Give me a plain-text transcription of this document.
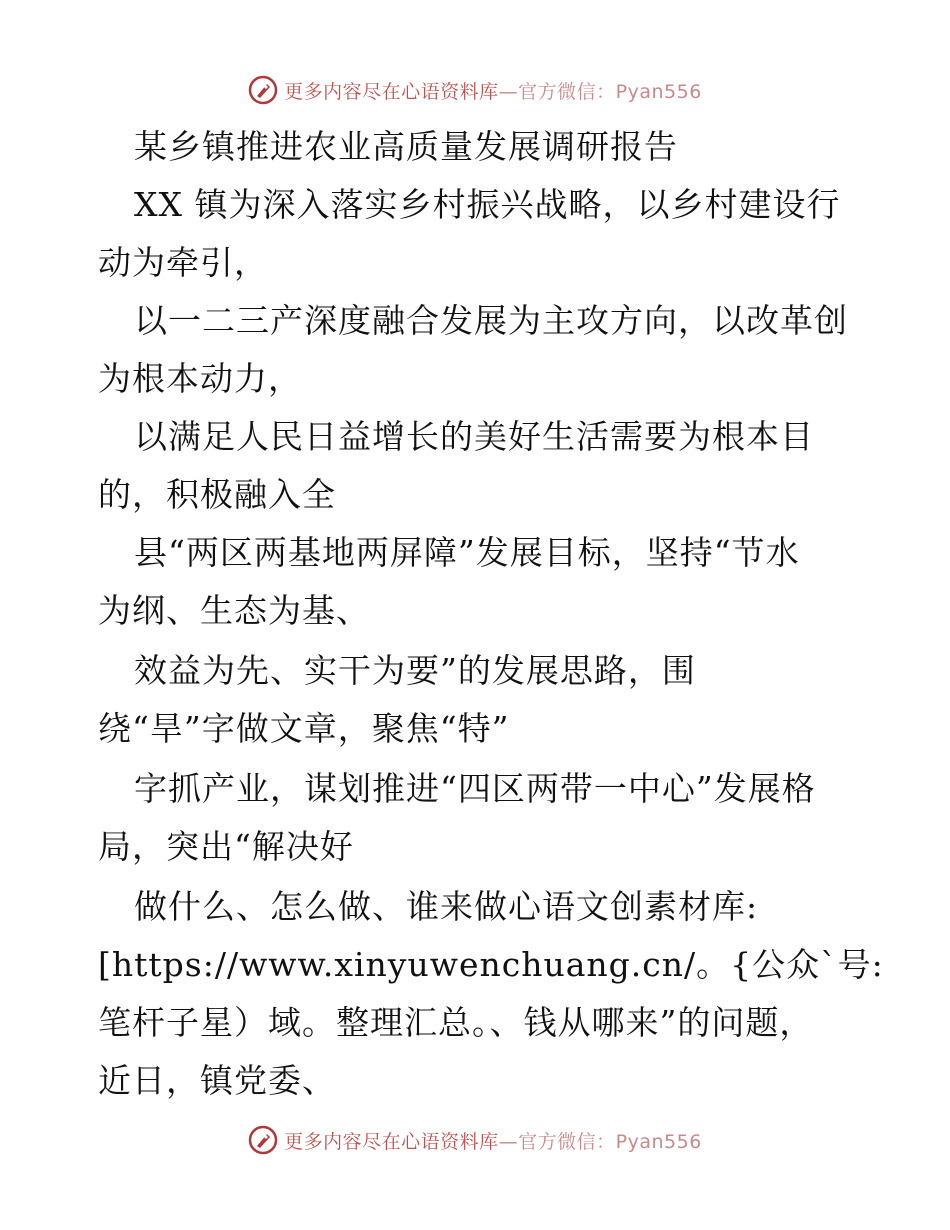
更多内容尽在心语资料库—官方微信：Pyan556
某乡镇推进农业高质量发展调研报告
XX 镇为深入落实乡村振兴战略，以乡村建设行
动为牵引，
以一二三产深度融合发展为主攻方向，以改革创
为根本动力，
以满足人民日益增长的美好生活需要为根本目
的，积极融入全
县“两区两基地两屏障”发展目标，坚持“节水
为纲、生态为基、
效益为先、实干为要”的发展思路，围
绕“旱”字做文章，聚焦“特”
字抓产业，谋划推进“四区两带一中心”发展格
局，突出“解决好
做什么、怎么做、谁来做心语文创素材库:
[https://www.xinyuwenchuang.cn/。{公众`号:
笔杆子星）域。整理汇总。、钱从哪来”的问题，
近日，镇党委、
更多内容尽在心语资料库—官方微信：Pyan556
